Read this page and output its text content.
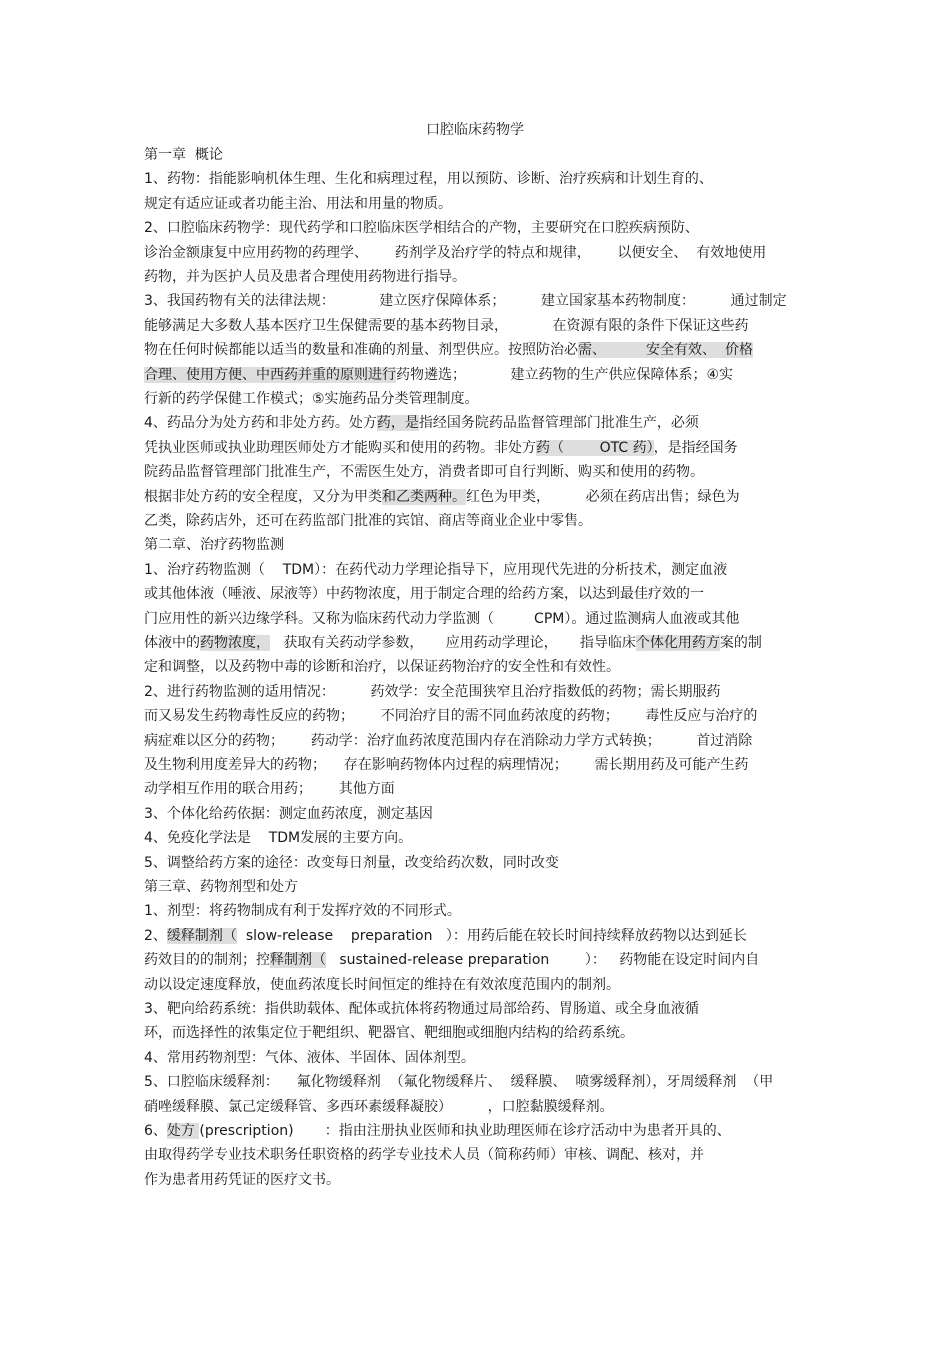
口腔临床药物学
第一章  概论
1、药物：指能影响机体生理、生化和病理过程，用以预防、诊断、治疗疾病和计划生育的、
规定有适应证或者功能主治、用法和用量的物质。
2、口腔临床药物学：现代药学和口腔临床医学相结合的产物，主要研究在口腔疾病预防、
诊治金额康复中应用药物的药理学、      药剂学及治疗学的特点和规律，      以便安全、  有效地使用
药物，并为医护人员及患者合理使用药物进行指导。
3、我国药物有关的法律法规：          建立医疗保障体系；        建立国家基本药物制度：        通过制定
能够满足大多数人基本医疗卫生保健需要的基本药物目录，          在资源有限的条件下保证这些药
物在任何时候都能以适当的数量和准确的剂量、剂型供应。按照防治必需、         安全有效、  价格
合理、使用方便、中西药并重的原则进行药物遴选；          建立药物的生产供应保障体系；④实
行新的药学保健工作模式；⑤实施药品分类管理制度。
4、药品分为处方药和非处方药。处方药，是指经国务院药品监督管理部门批准生产，必须
凭执业医师或执业助理医师处方才能购买和使用的药物。非处方药（        OTC 药），是指经国务
院药品监督管理部门批准生产，不需医生处方，消费者即可自行判断、购买和使用的药物。
根据非处方药的安全程度，又分为甲类和乙类两种。红色为甲类，        必须在药店出售；绿色为
乙类，除药店外，还可在药监部门批准的宾馆、商店等商业企业中零售。
第二章、治疗药物监测
1、治疗药物监测（    TDM）：在药代动力学理论指导下，应用现代先进的分析技术，测定血液
或其他体液（唾液、尿液等）中药物浓度，用于制定合理的给药方案，以达到最佳疗效的一
门应用性的新兴边缘学科。又称为临床药代动力学监测（         CPM）。通过监测病人血液或其他
体液中的药物浓度，   获取有关药动学参数，     应用药动学理论，     指导临床个体化用药方案的制
定和调整，以及药物中毒的诊断和治疗，以保证药物治疗的安全性和有效性。
2、进行药物监测的适用情况：        药效学：安全范围狭窄且治疗指数低的药物；需长期服药
而又易发生药物毒性反应的药物；      不同治疗目的需不同血药浓度的药物；      毒性反应与治疗的
病症难以区分的药物；      药动学：治疗血药浓度范围内存在消除动力学方式转换；        首过消除
及生物利用度差异大的药物；    存在影响药物体内过程的病理情况；      需长期用药及可能产生药
动学相互作用的联合用药；      其他方面
3、个体化给药依据：测定血药浓度，测定基因
4、免疫化学法是    TDM发展的主要方向。
5、调整给药方案的途径：改变每日剂量，改变给药次数，同时改变
第三章、药物剂型和处方
1、剂型：将药物制成有利于发挥疗效的不同形式。
2、缓释制剂（  slow-release    preparation   ）：用药后能在较长时间持续释放药物以达到延长
药效目的的制剂；控释制剂（   sustained-release preparation        ）：   药物能在设定时间内自
动以设定速度释放，使血药浓度长时间恒定的维持在有效浓度范围内的制剂。
3、靶向给药系统：指供助载体、配体或抗体将药物通过局部给药、胃肠道、或全身血液循
环，而选择性的浓集定位于靶组织、靶器官、靶细胞或细胞内结构的给药系统。
4、常用药物剂型：气体、液体、半固体、固体剂型。
5、口腔临床缓释剂：    氟化物缓释剂  （氟化物缓释片、  缓释膜、  喷雾缓释剂），牙周缓释剂  （甲
硝唑缓释膜、氯己定缓释管、多西环素缓释凝胶）        ，口腔黏膜缓释剂。
6、处方 (prescription)       ：指由注册执业医师和执业助理医师在诊疗活动中为患者开具的、
由取得药学专业技术职务任职资格的药学专业技术人员（简称药师）审核、调配、核对，并
作为患者用药凭证的医疗文书。
